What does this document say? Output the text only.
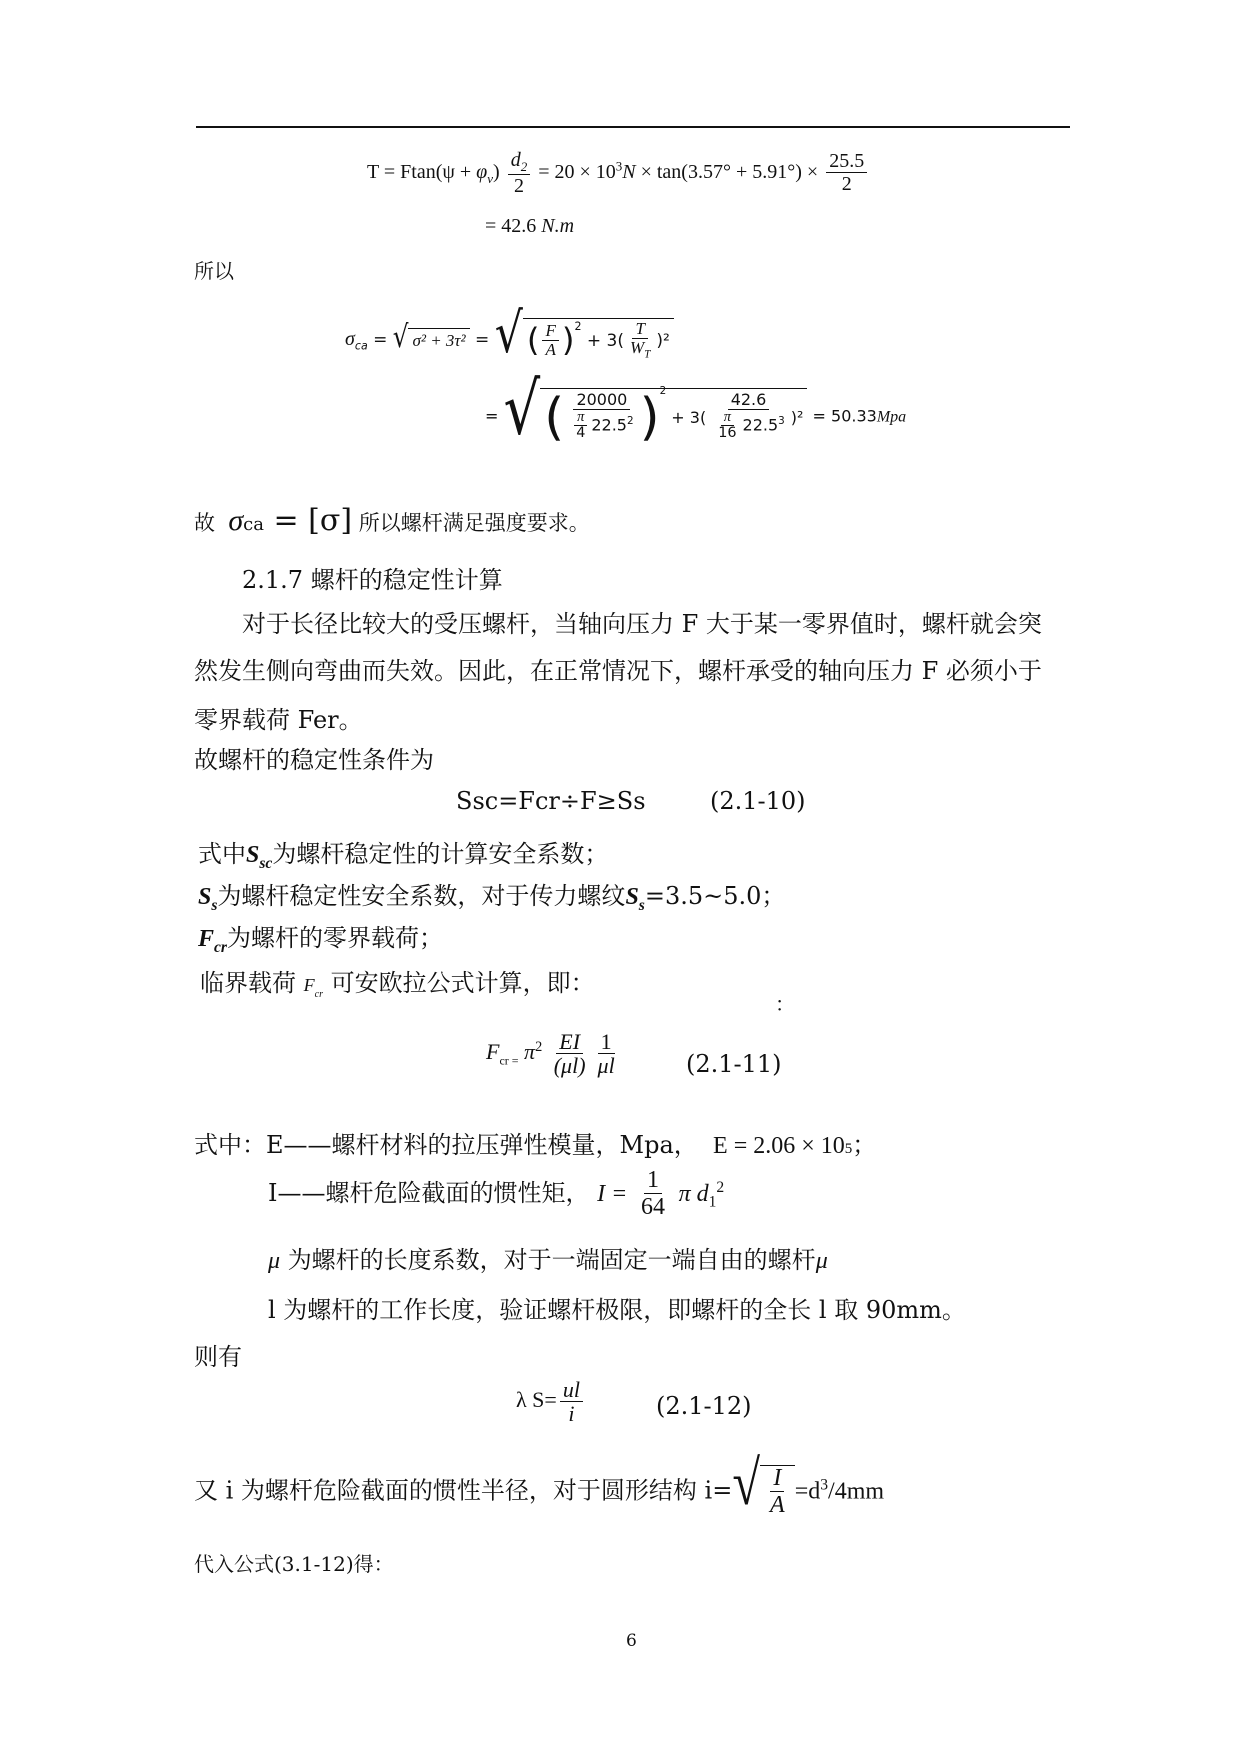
$T = Ftan(\psi + \varphi_v) \frac{d_2}{2} = 20 \times 10^3N \times \tan(3.57^\circ + 5.91^\circ) \times \frac{25.5}{2}$
= 42.6 N.m
所以
$\sigma_{ca}$ = √ σ² + 3τ² = √ ( $\frac{F}{A} )^2$

+ $3( \frac{T}{W_T} )^2$
= √ ( $\frac{20000}{\frac{\pi}{4} 22.5^2} )^2$

+ $3( \frac{42.6}{\frac{\pi}{16} 22.5^3} )^2 = 50.33Mpa$
故 σca = [σ] 所以螺杆满足强度要求。
2.1.7 螺杆的稳定性计算
对于长径比较大的受压螺杆，当轴向压力 F 大于某一零界值时，螺杆就会突
然发生侧向弯曲而失效。因此，在正常情况下，螺杆承受的轴向压力 F 必须小于
零界载荷 Fer。
故螺杆的稳定性条件为
Ssc=Fcr÷F≥Ss	(2.1-10)
式中$S_{sc}$为螺杆稳定性的计算安全系数；
$S_s$为螺杆稳定性安全系数，对于传力螺纹$S_s=3.5\sim 5.0$；
$F_{cr}$为螺杆的零界载荷；
临界载荷 $F_{cr}$ 可安欧拉公式计算，即：
：
$F_{cr =}$ $\pi^2 \frac{EI}{(\mu l)} \frac{1}{\mu l}$	(2.1-11)
式中：E——螺杆材料的拉压弹性模量，Mpa， E = 2.06 × 105；
I——螺杆危险截面的惯性矩， $I = \frac{1}{64}$ π $d_1^2$
μ 为螺杆的长度系数，对于一端固定一端自由的螺杆μ
l 为螺杆的工作长度，验证螺杆极限，即螺杆的全长 l 取 90mm。
则有
λ $S= \frac{ul}{i}$	(2.1-12)
又 i 为螺杆危险截面的惯性半径，对于圆形结构 i= √ $\frac{I}{A} =d^3/4mm$
代入公式(3.1-12)得：
6
